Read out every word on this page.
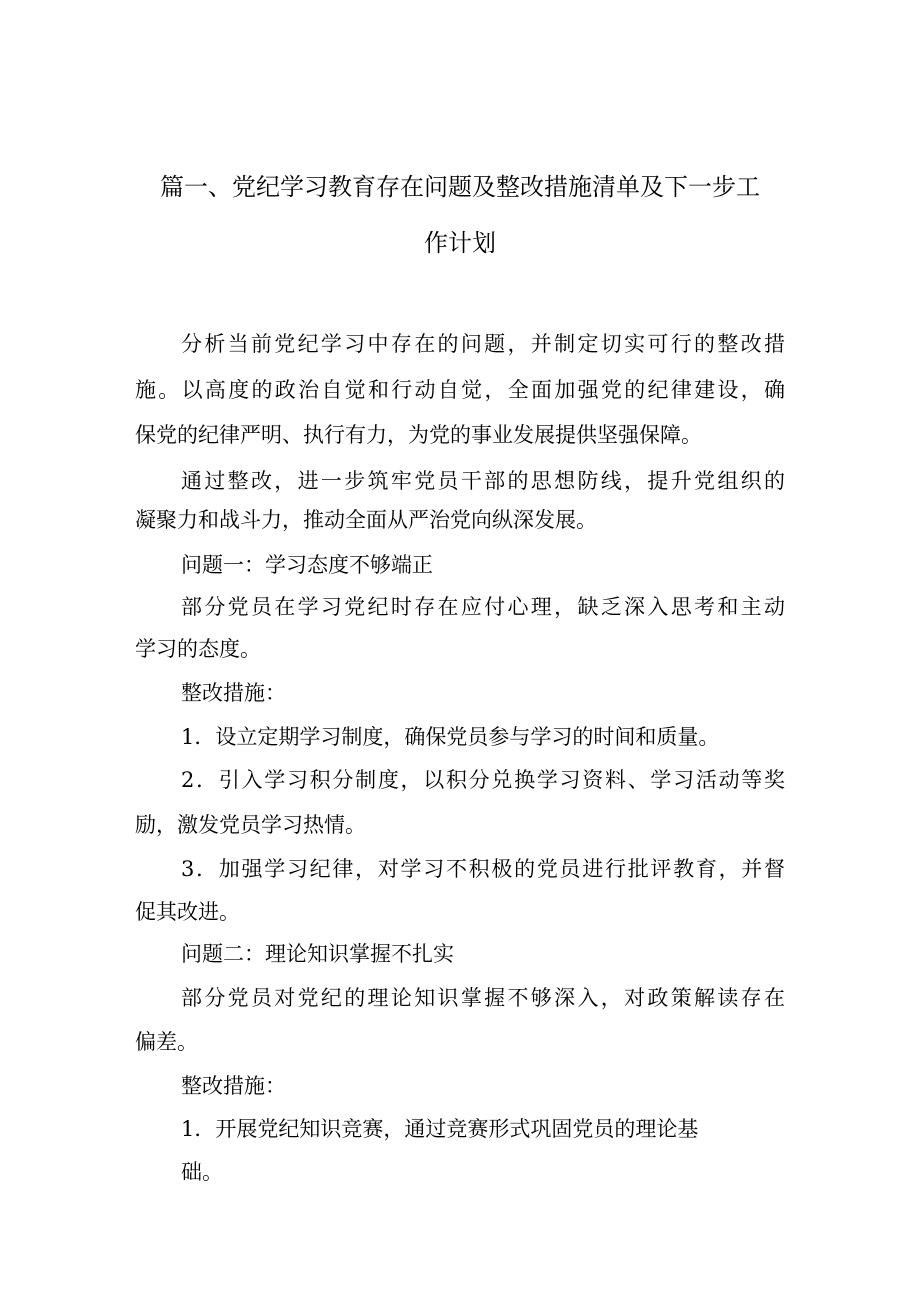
篇一、党纪学习教育存在问题及整改措施清单及下一步工
作计划
分析当前党纪学习中存在的问题，并制定切实可行的整改措
施。以高度的政治自觉和行动自觉，全面加强党的纪律建设，确
保党的纪律严明、执行有力，为党的事业发展提供坚强保障。
通过整改，进一步筑牢党员干部的思想防线，提升党组织的
凝聚力和战斗力，推动全面从严治党向纵深发展。
问题一：学习态度不够端正
部分党员在学习党纪时存在应付心理，缺乏深入思考和主动
学习的态度。
整改措施：
1．设立定期学习制度，确保党员参与学习的时间和质量。
2．引入学习积分制度，以积分兑换学习资料、学习活动等奖
励，激发党员学习热情。
3．加强学习纪律，对学习不积极的党员进行批评教育，并督
促其改进。
问题二：理论知识掌握不扎实
部分党员对党纪的理论知识掌握不够深入，对政策解读存在
偏差。
整改措施：
1．开展党纪知识竞赛，通过竞赛形式巩固党员的理论基
础。
